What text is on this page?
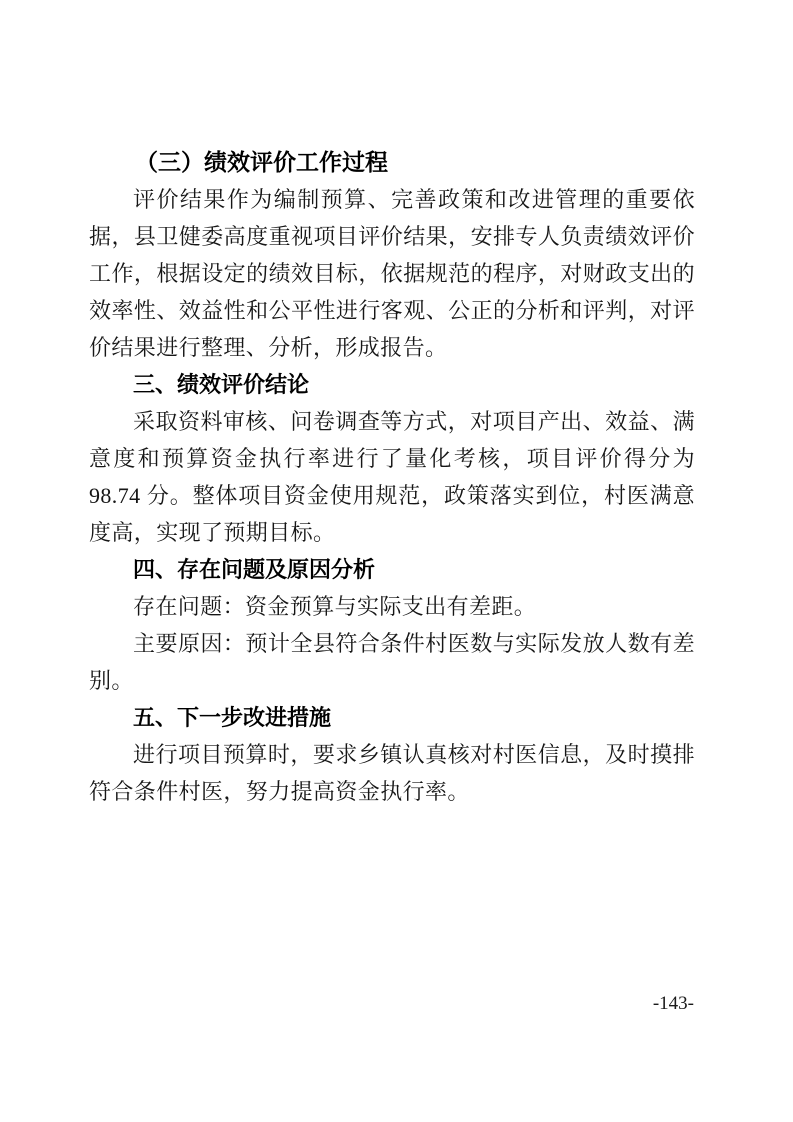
（三）绩效评价工作过程

评价结果作为编制预算、完善政策和改进管理的重要依据，县卫健委高度重视项目评价结果，安排专人负责绩效评价工作，根据设定的绩效目标，依据规范的程序，对财政支出的效率性、效益性和公平性进行客观、公正的分析和评判，对评价结果进行整理、分析，形成报告。

三、绩效评价结论

采取资料审核、问卷调查等方式，对项目产出、效益、满意度和预算资金执行率进行了量化考核，项目评价得分为 98.74 分。整体项目资金使用规范，政策落实到位，村医满意度高，实现了预期目标。

四、存在问题及原因分析

存在问题：资金预算与实际支出有差距。

主要原因：预计全县符合条件村医数与实际发放人数有差别。

五、下一步改进措施

进行项目预算时，要求乡镇认真核对村医信息，及时摸排符合条件村医，努力提高资金执行率。

-143-
